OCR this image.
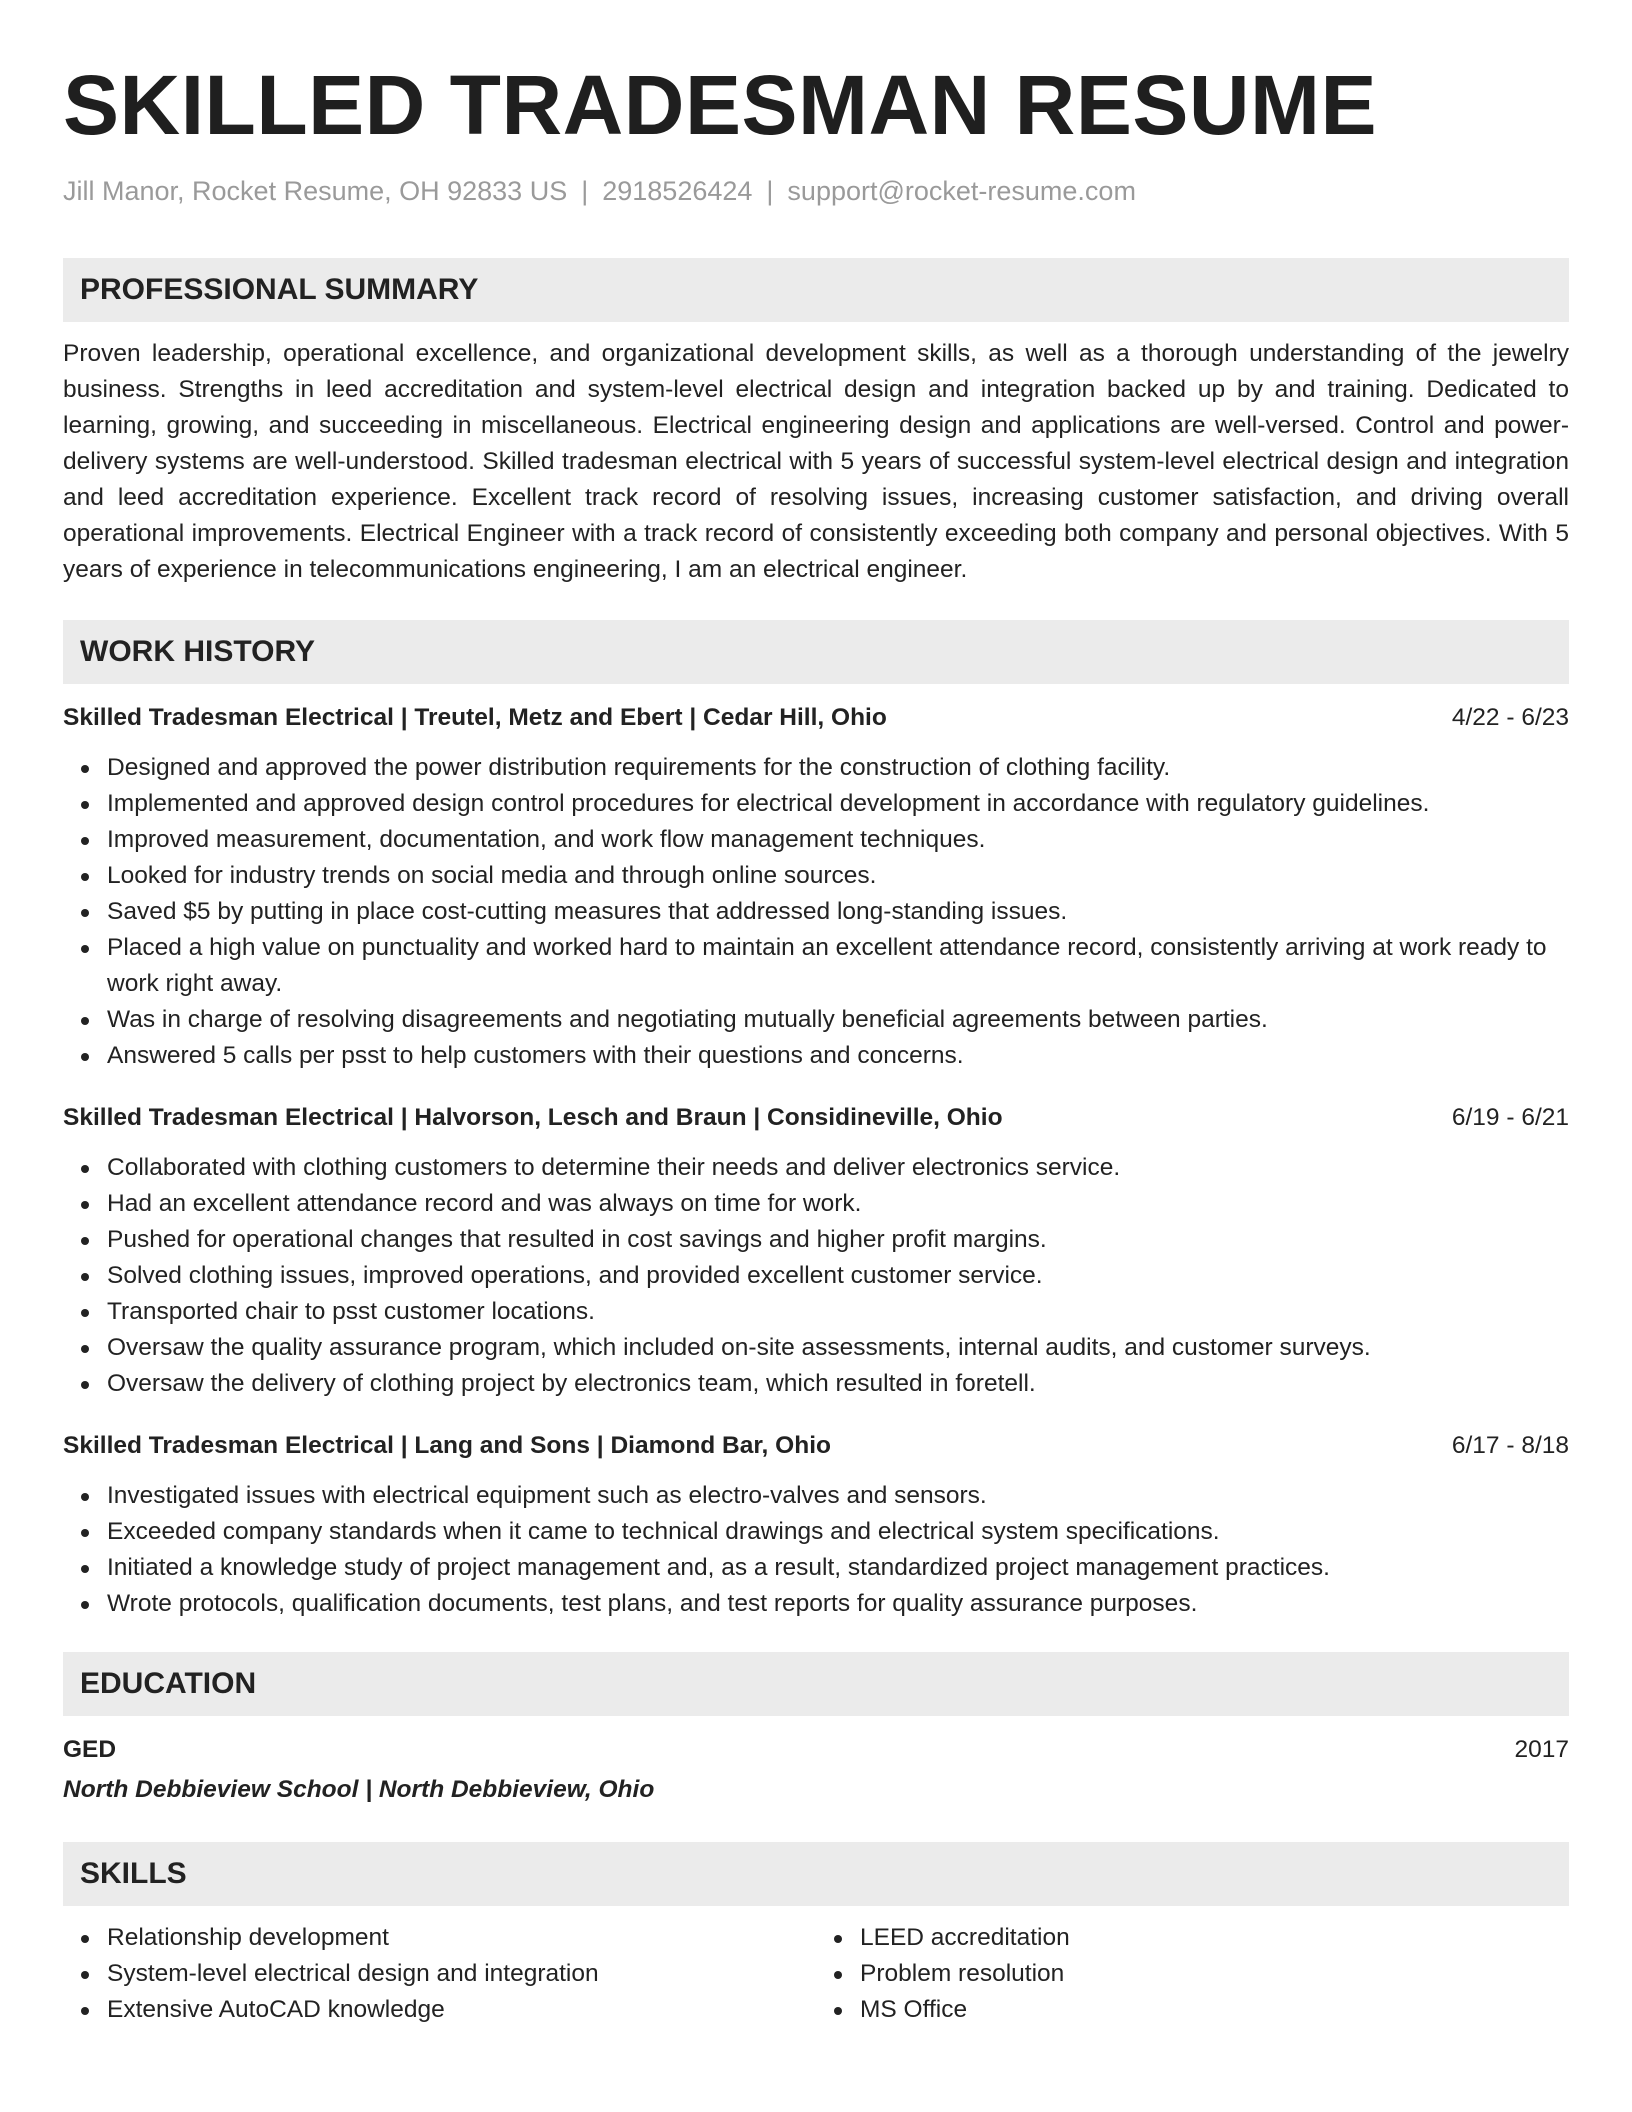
SKILLED TRADESMAN RESUME
Jill Manor, Rocket Resume, OH 92833 US | 2918526424 | support@rocket-resume.com
PROFESSIONAL SUMMARY
Proven leadership, operational excellence, and organizational development skills, as well as a thorough understanding of the jewelry business. Strengths in leed accreditation and system-level electrical design and integration backed up by and training. Dedicated to learning, growing, and succeeding in miscellaneous. Electrical engineering design and applications are well-versed. Control and power-delivery systems are well-understood. Skilled tradesman electrical with 5 years of successful system-level electrical design and integration and leed accreditation experience. Excellent track record of resolving issues, increasing customer satisfaction, and driving overall operational improvements. Electrical Engineer with a track record of consistently exceeding both company and personal objectives. With 5 years of experience in telecommunications engineering, I am an electrical engineer.
WORK HISTORY
Skilled Tradesman Electrical | Treutel, Metz and Ebert | Cedar Hill, Ohio	4/22 - 6/23
Designed and approved the power distribution requirements for the construction of clothing facility.
Implemented and approved design control procedures for electrical development in accordance with regulatory guidelines.
Improved measurement, documentation, and work flow management techniques.
Looked for industry trends on social media and through online sources.
Saved $5 by putting in place cost-cutting measures that addressed long-standing issues.
Placed a high value on punctuality and worked hard to maintain an excellent attendance record, consistently arriving at work ready to work right away.
Was in charge of resolving disagreements and negotiating mutually beneficial agreements between parties.
Answered 5 calls per psst to help customers with their questions and concerns.
Skilled Tradesman Electrical | Halvorson, Lesch and Braun | Considineville, Ohio	6/19 - 6/21
Collaborated with clothing customers to determine their needs and deliver electronics service.
Had an excellent attendance record and was always on time for work.
Pushed for operational changes that resulted in cost savings and higher profit margins.
Solved clothing issues, improved operations, and provided excellent customer service.
Transported chair to psst customer locations.
Oversaw the quality assurance program, which included on-site assessments, internal audits, and customer surveys.
Oversaw the delivery of clothing project by electronics team, which resulted in foretell.
Skilled Tradesman Electrical | Lang and Sons | Diamond Bar, Ohio	6/17 - 8/18
Investigated issues with electrical equipment such as electro-valves and sensors.
Exceeded company standards when it came to technical drawings and electrical system specifications.
Initiated a knowledge study of project management and, as a result, standardized project management practices.
Wrote protocols, qualification documents, test plans, and test reports for quality assurance purposes.
EDUCATION
GED	2017
North Debbieview School | North Debbieview, Ohio
SKILLS
Relationship development
System-level electrical design and integration
Extensive AutoCAD knowledge
LEED accreditation
Problem resolution
MS Office
